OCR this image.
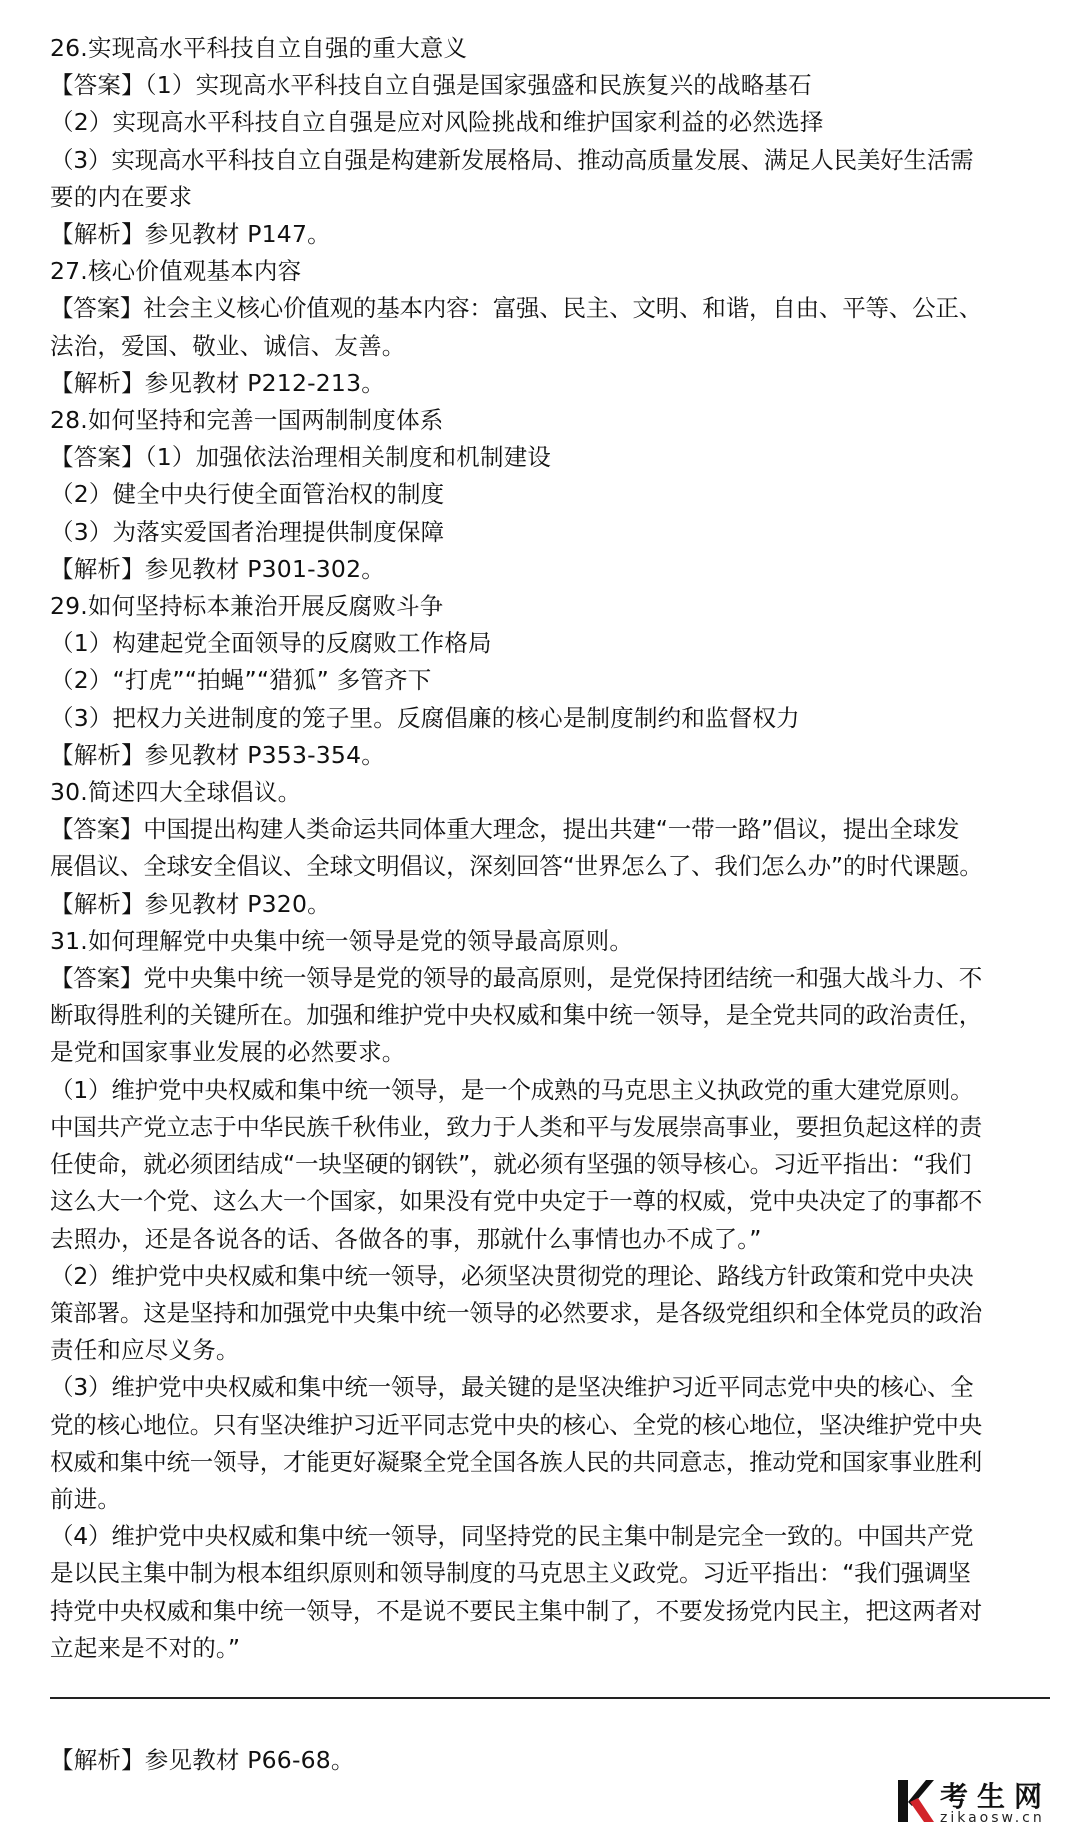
26.实现高水平科技自立自强的重大意义

【答案】（1）实现高水平科技自立自强是国家强盛和民族复兴的战略基石

（2）实现高水平科技自立自强是应对风险挑战和维护国家利益的必然选择

（3）实现高水平科技自立自强是构建新发展格局、推动高质量发展、满足人民美好生活需

要的内在要求

【解析】参见教材 P147。

27.核心价值观基本内容

【答案】社会主义核心价值观的基本内容：富强、民主、文明、和谐，自由、平等、公正、

法治，爱国、敬业、诚信、友善。

【解析】参见教材 P212-213。

28.如何坚持和完善一国两制制度体系

【答案】（1）加强依法治理相关制度和机制建设

（2）健全中央行使全面管治权的制度

（3）为落实爱国者治理提供制度保障

【解析】参见教材 P301-302。

29.如何坚持标本兼治开展反腐败斗争

（1）构建起党全面领导的反腐败工作格局

（2）“打虎”“拍蝇”“猎狐” 多管齐下

（3）把权力关进制度的笼子里。反腐倡廉的核心是制度制约和监督权力

【解析】参见教材 P353-354。

30.简述四大全球倡议。

【答案】中国提出构建人类命运共同体重大理念，提出共建“一带一路”倡议，提出全球发

展倡议、全球安全倡议、全球文明倡议，深刻回答“世界怎么了、我们怎么办”的时代课题。

【解析】参见教材 P320。

31.如何理解党中央集中统一领导是党的领导最高原则。

【答案】党中央集中统一领导是党的领导的最高原则，是党保持团结统一和强大战斗力、不

断取得胜利的关键所在。加强和维护党中央权威和集中统一领导，是全党共同的政治责任，

是党和国家事业发展的必然要求。

（1）维护党中央权威和集中统一领导，是一个成熟的马克思主义执政党的重大建党原则。

中国共产党立志于中华民族千秋伟业，致力于人类和平与发展崇高事业，要担负起这样的责

任使命，就必须团结成“一块坚硬的钢铁”，就必须有坚强的领导核心。习近平指出：“我们

这么大一个党、这么大一个国家，如果没有党中央定于一尊的权威，党中央决定了的事都不

去照办，还是各说各的话、各做各的事，那就什么事情也办不成了。”

（2）维护党中央权威和集中统一领导，必须坚决贯彻党的理论、路线方针政策和党中央决

策部署。这是坚持和加强党中央集中统一领导的必然要求，是各级党组织和全体党员的政治

责任和应尽义务。

（3）维护党中央权威和集中统一领导，最关键的是坚决维护习近平同志党中央的核心、全

党的核心地位。只有坚决维护习近平同志党中央的核心、全党的核心地位，坚决维护党中央

权威和集中统一领导，才能更好凝聚全党全国各族人民的共同意志，推动党和国家事业胜利

前进。

（4）维护党中央权威和集中统一领导，同坚持党的民主集中制是完全一致的。中国共产党

是以民主集中制为根本组织原则和领导制度的马克思主义政党。习近平指出：“我们强调坚

持党中央权威和集中统一领导，不是说不要民主集中制了，不要发扬党内民主，把这两者对

立起来是不对的。”

【解析】参见教材 P66-68。

考生网
zikaosw.cn
